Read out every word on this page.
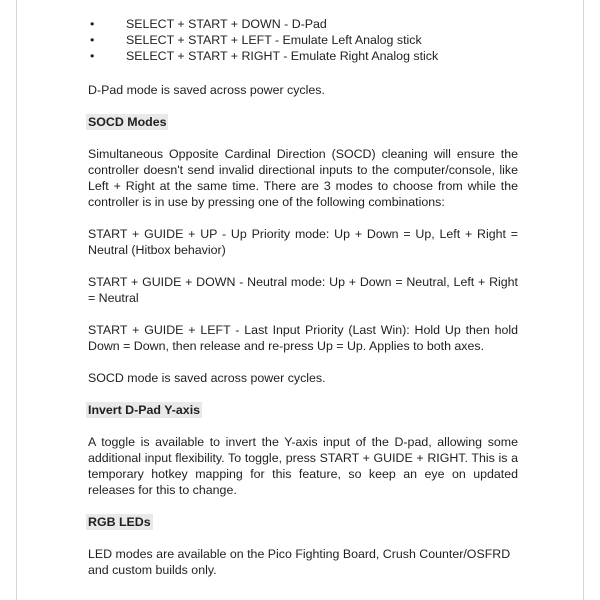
•	SELECT + START + DOWN - D-Pad
•	SELECT + START + LEFT - Emulate Left Analog stick
•	SELECT + START + RIGHT - Emulate Right Analog stick

D-Pad mode is saved across power cycles.

SOCD Modes

Simultaneous Opposite Cardinal Direction (SOCD) cleaning will ensure the controller doesn't send invalid directional inputs to the computer/console, like Left + Right at the same time. There are 3 modes to choose from while the controller is in use by pressing one of the following combinations:

START + GUIDE + UP - Up Priority mode: Up + Down = Up, Left + Right = Neutral (Hitbox behavior)

START + GUIDE + DOWN - Neutral mode: Up + Down = Neutral, Left + Right = Neutral

START + GUIDE + LEFT - Last Input Priority (Last Win): Hold Up then hold Down = Down, then release and re-press Up = Up. Applies to both axes.

SOCD mode is saved across power cycles.

Invert D-Pad Y-axis

A toggle is available to invert the Y-axis input of the D-pad, allowing some additional input flexibility. To toggle, press START + GUIDE + RIGHT. This is a temporary hotkey mapping for this feature, so keep an eye on updated releases for this to change.

RGB LEDs

LED modes are available on the Pico Fighting Board, Crush Counter/OSFRD and custom builds only.
